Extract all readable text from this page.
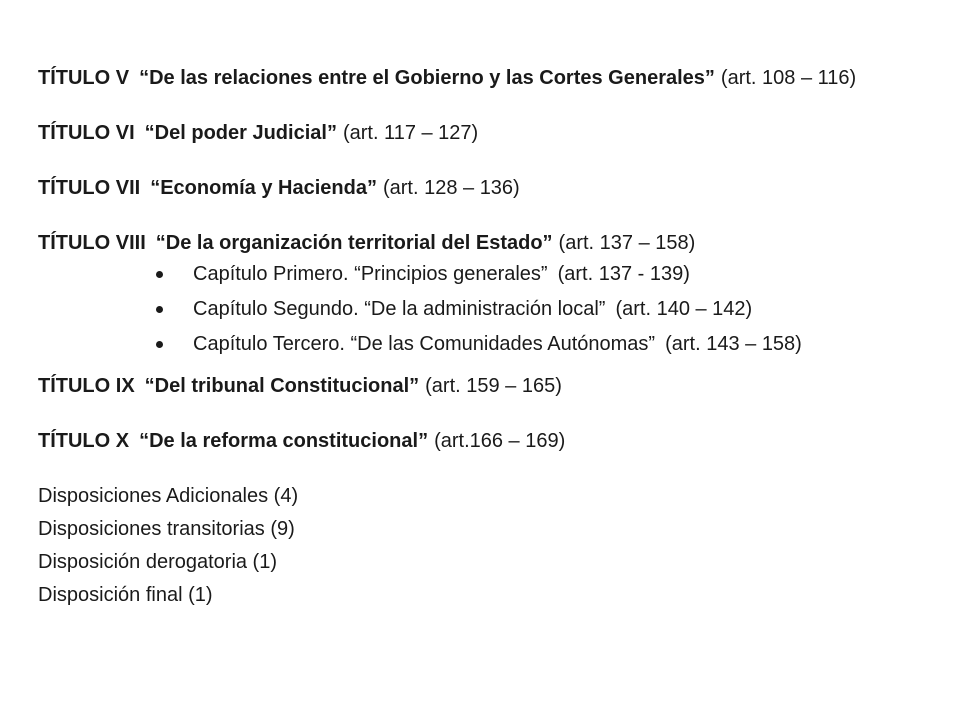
TÍTULO V “De las relaciones entre el Gobierno y las Cortes Generales” (art. 108 – 116)

TÍTULO VI “Del poder Judicial” (art. 117 – 127)

TÍTULO VII “Economía y Hacienda” (art. 128 – 136)

TÍTULO VIII “De la organización territorial del Estado” (art. 137 – 158)

Capítulo Primero. “Principios generales” (art. 137 - 139)
Capítulo Segundo. “De la administración local” (art. 140 – 142)
Capítulo Tercero. “De las Comunidades Autónomas” (art. 143 – 158)

TÍTULO IX “Del tribunal Constitucional” (art. 159 – 165)

TÍTULO X “De la reforma constitucional” (art.166 – 169)

Disposiciones Adicionales (4)
Disposiciones transitorias (9)
Disposición derogatoria (1)
Disposición final (1)
